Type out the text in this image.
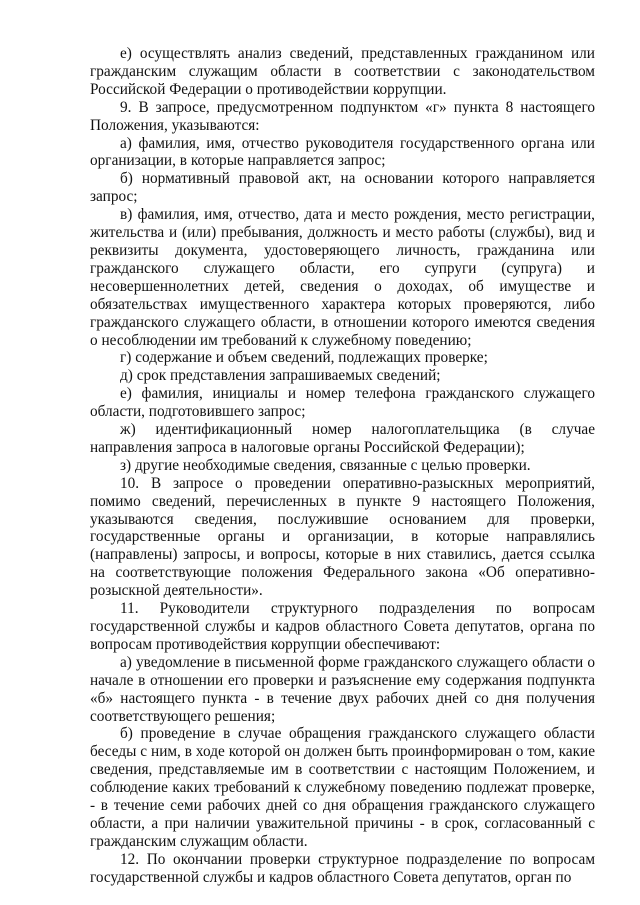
е) осуществлять анализ сведений, представленных гражданином или гражданским служащим области в соответствии с законодательством Российской Федерации о противодействии коррупции.

9. В запросе, предусмотренном подпунктом «г» пункта 8 настоящего Положения, указываются:

а) фамилия, имя, отчество руководителя государственного органа или организации, в которые направляется запрос;

б) нормативный правовой акт, на основании которого направляется запрос;

в) фамилия, имя, отчество, дата и место рождения, место регистрации, жительства и (или) пребывания, должность и место работы (службы), вид и реквизиты документа, удостоверяющего личность, гражданина или гражданского служащего области, его супруги (супруга) и несовершеннолетних детей, сведения о доходах, об имуществе и обязательствах имущественного характера которых проверяются, либо гражданского служащего области, в отношении которого имеются сведения о несоблюдении им требований к служебному поведению;

г) содержание и объем сведений, подлежащих проверке;

д) срок представления запрашиваемых сведений;

е) фамилия, инициалы и номер телефона гражданского служащего области, подготовившего запрос;

ж) идентификационный номер налогоплательщика (в случае направления запроса в налоговые органы Российской Федерации);

з) другие необходимые сведения, связанные с целью проверки.

10. В запросе о проведении оперативно-разыскных мероприятий, помимо сведений, перечисленных в пункте 9 настоящего Положения, указываются сведения, послужившие основанием для проверки, государственные органы и организации, в которые направлялись (направлены) запросы, и вопросы, которые в них ставились, дается ссылка на соответствующие положения Федерального закона «Об оперативно-розыскной деятельности».

11. Руководители структурного подразделения по вопросам государственной службы и кадров областного Совета депутатов, органа по вопросам противодействия коррупции обеспечивают:

а) уведомление в письменной форме гражданского служащего области о начале в отношении его проверки и разъяснение ему содержания подпункта «б» настоящего пункта - в течение двух рабочих дней со дня получения соответствующего решения;

б) проведение в случае обращения гражданского служащего области беседы с ним, в ходе которой он должен быть проинформирован о том, какие сведения, представляемые им в соответствии с настоящим Положением, и соблюдение каких требований к служебному поведению подлежат проверке, - в течение семи рабочих дней со дня обращения гражданского служащего области, а при наличии уважительной причины - в срок, согласованный с гражданским служащим области.

12. По окончании проверки структурное подразделение по вопросам государственной службы и кадров областного Совета депутатов, орган по
